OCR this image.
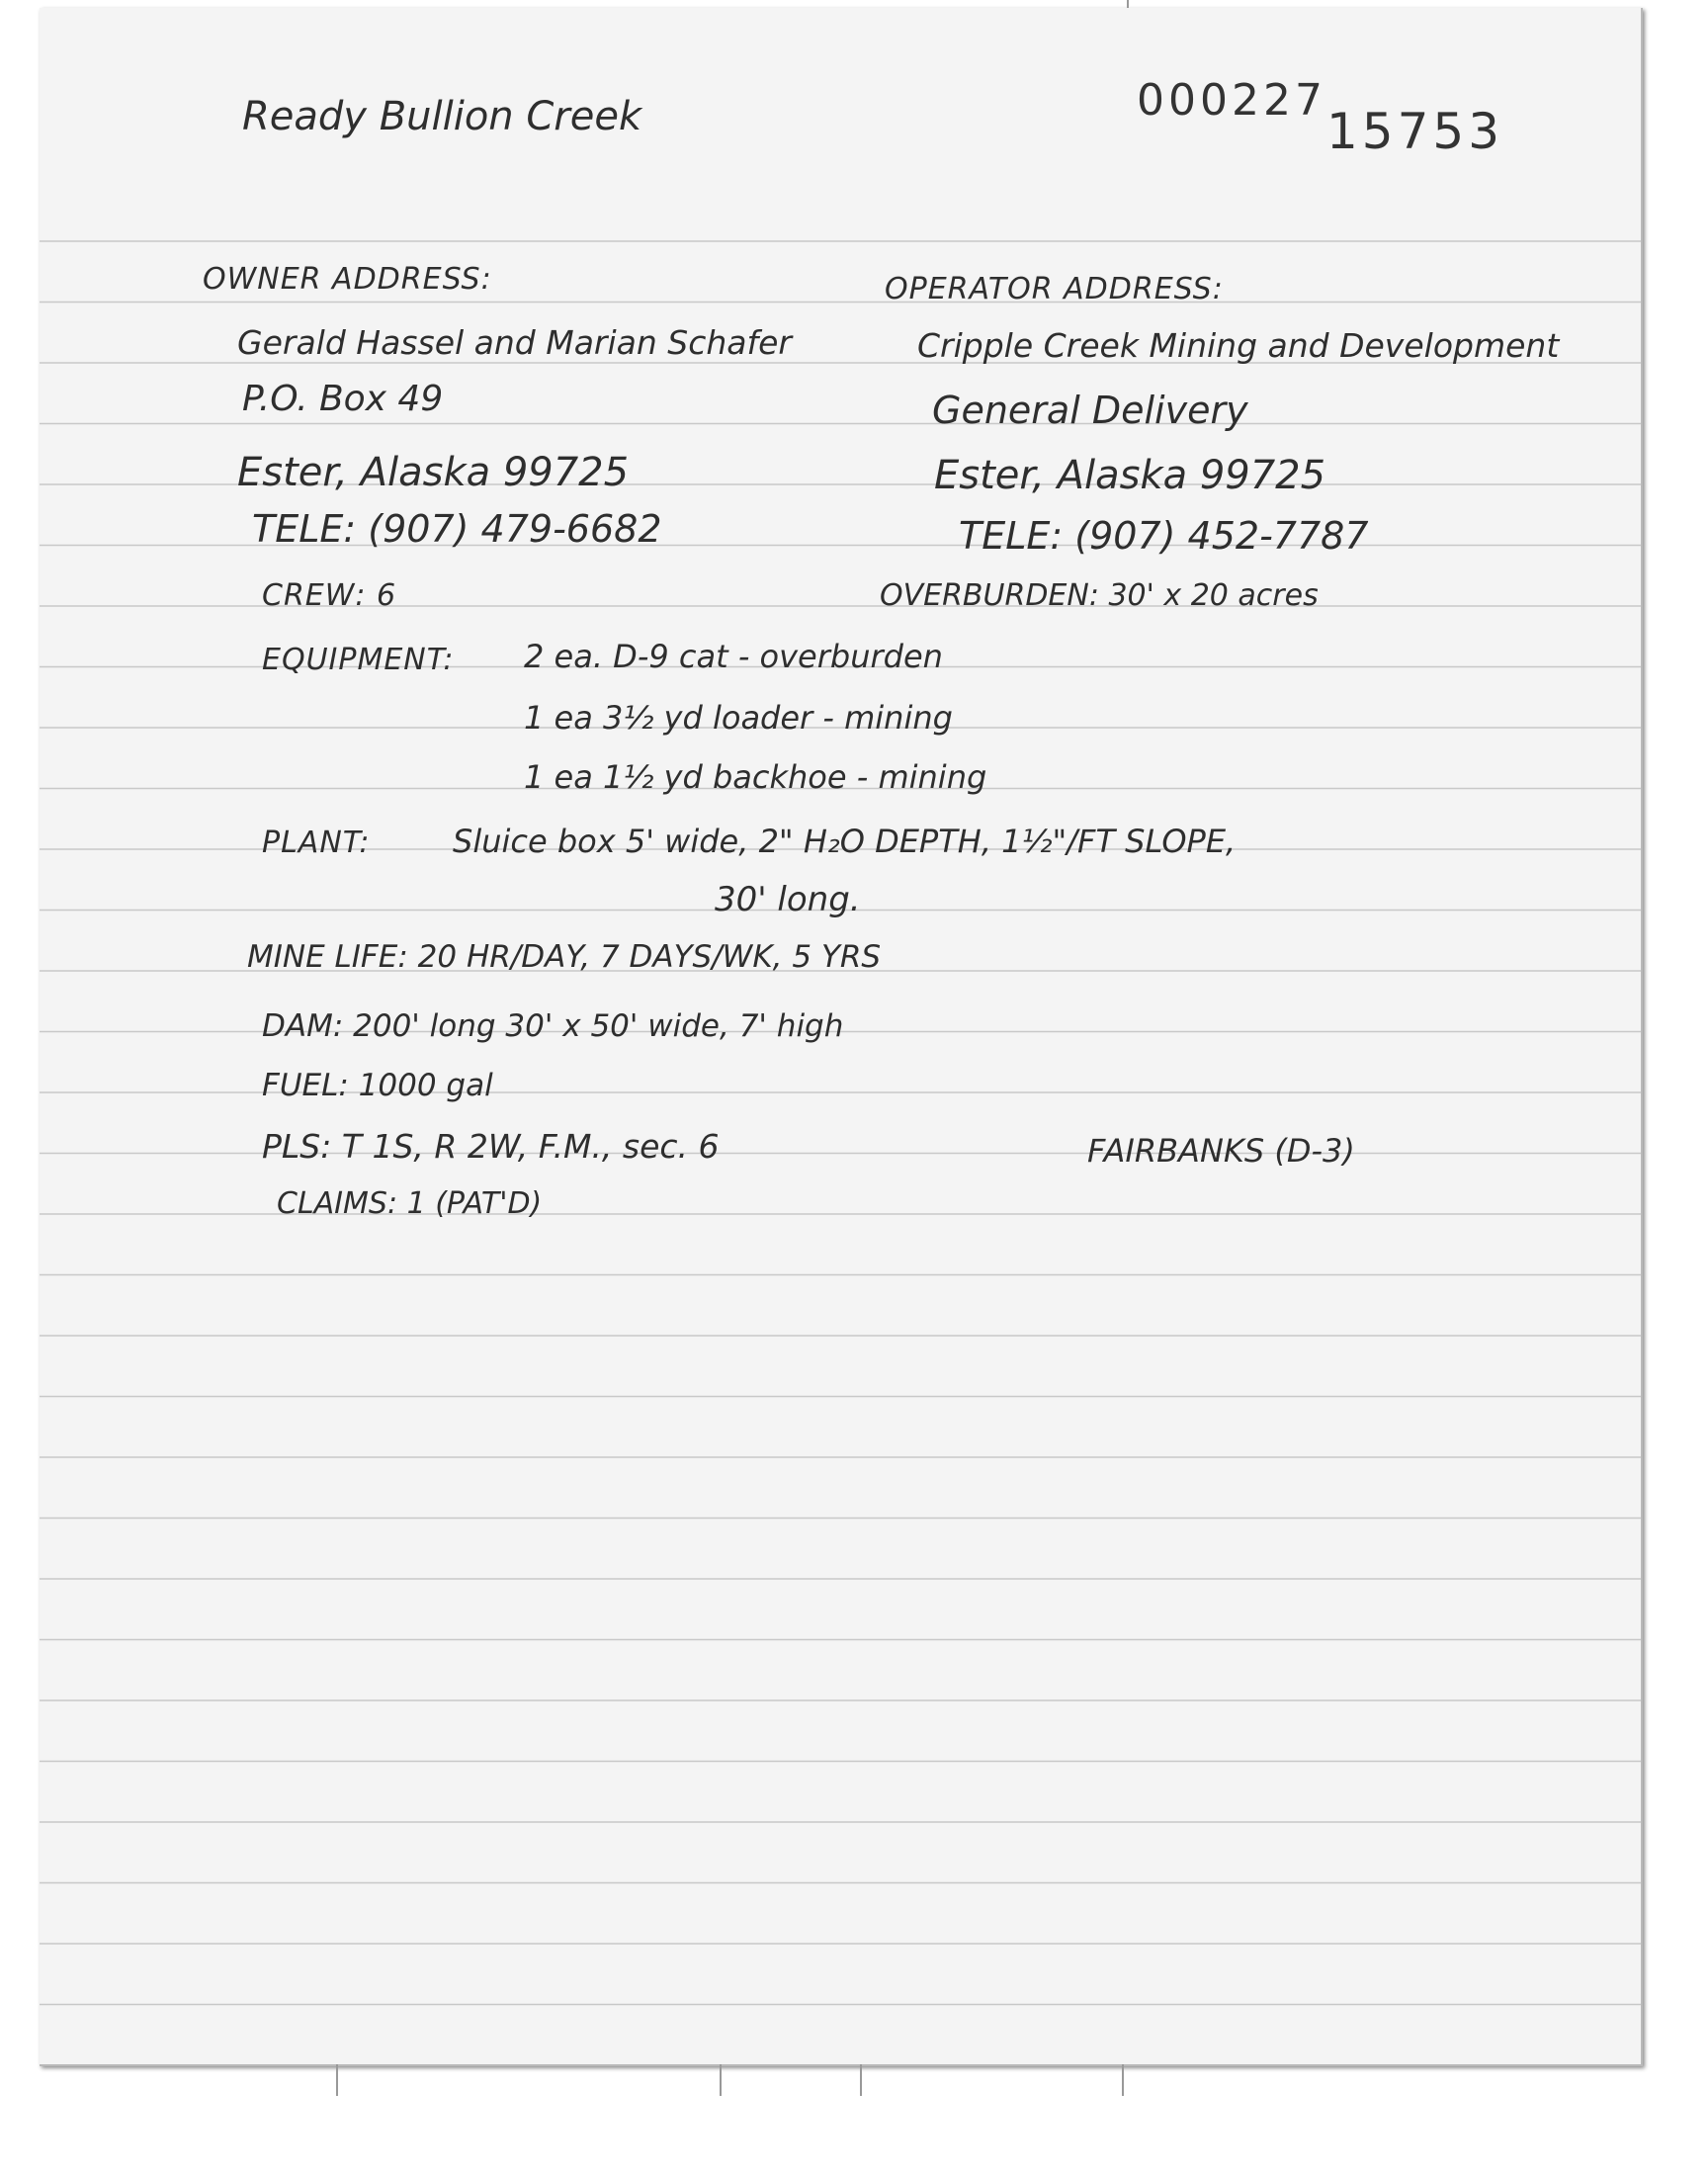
Ready Bullion Creek	000227
15753
OWNER ADDRESS:
Gerald Hassel and Marian Schafer
P.O. Box 49
Ester, Alaska 99725
TELE: (907) 479-6682
OPERATOR ADDRESS:
Cripple Creek Mining and Development
General Delivery
Ester, Alaska 99725
TELE: (907) 452-7787
OVERBURDEN: 30' x 20 acres
CREW: 6
EQUIPMENT: 2 ea. D-9 cat - overburden
1 ea 3½ yd loader - mining
1 ea 1½ yd backhoe - mining
PLANT:	Sluice box 5' wide, 2" H₂O DEPTH, 1½"/FT SLOPE,
30' long.
MINE LIFE: 20 HR/DAY, 7 DAYS/WK, 5 YRS
DAM: 200' long 30' x 50' wide, 7' high
FUEL: 1000 gal
PLS: T 1S, R 2W, F.M., sec. 6	FAIRBANKS (D-3)
CLAIMS: 1 (PAT'D)
